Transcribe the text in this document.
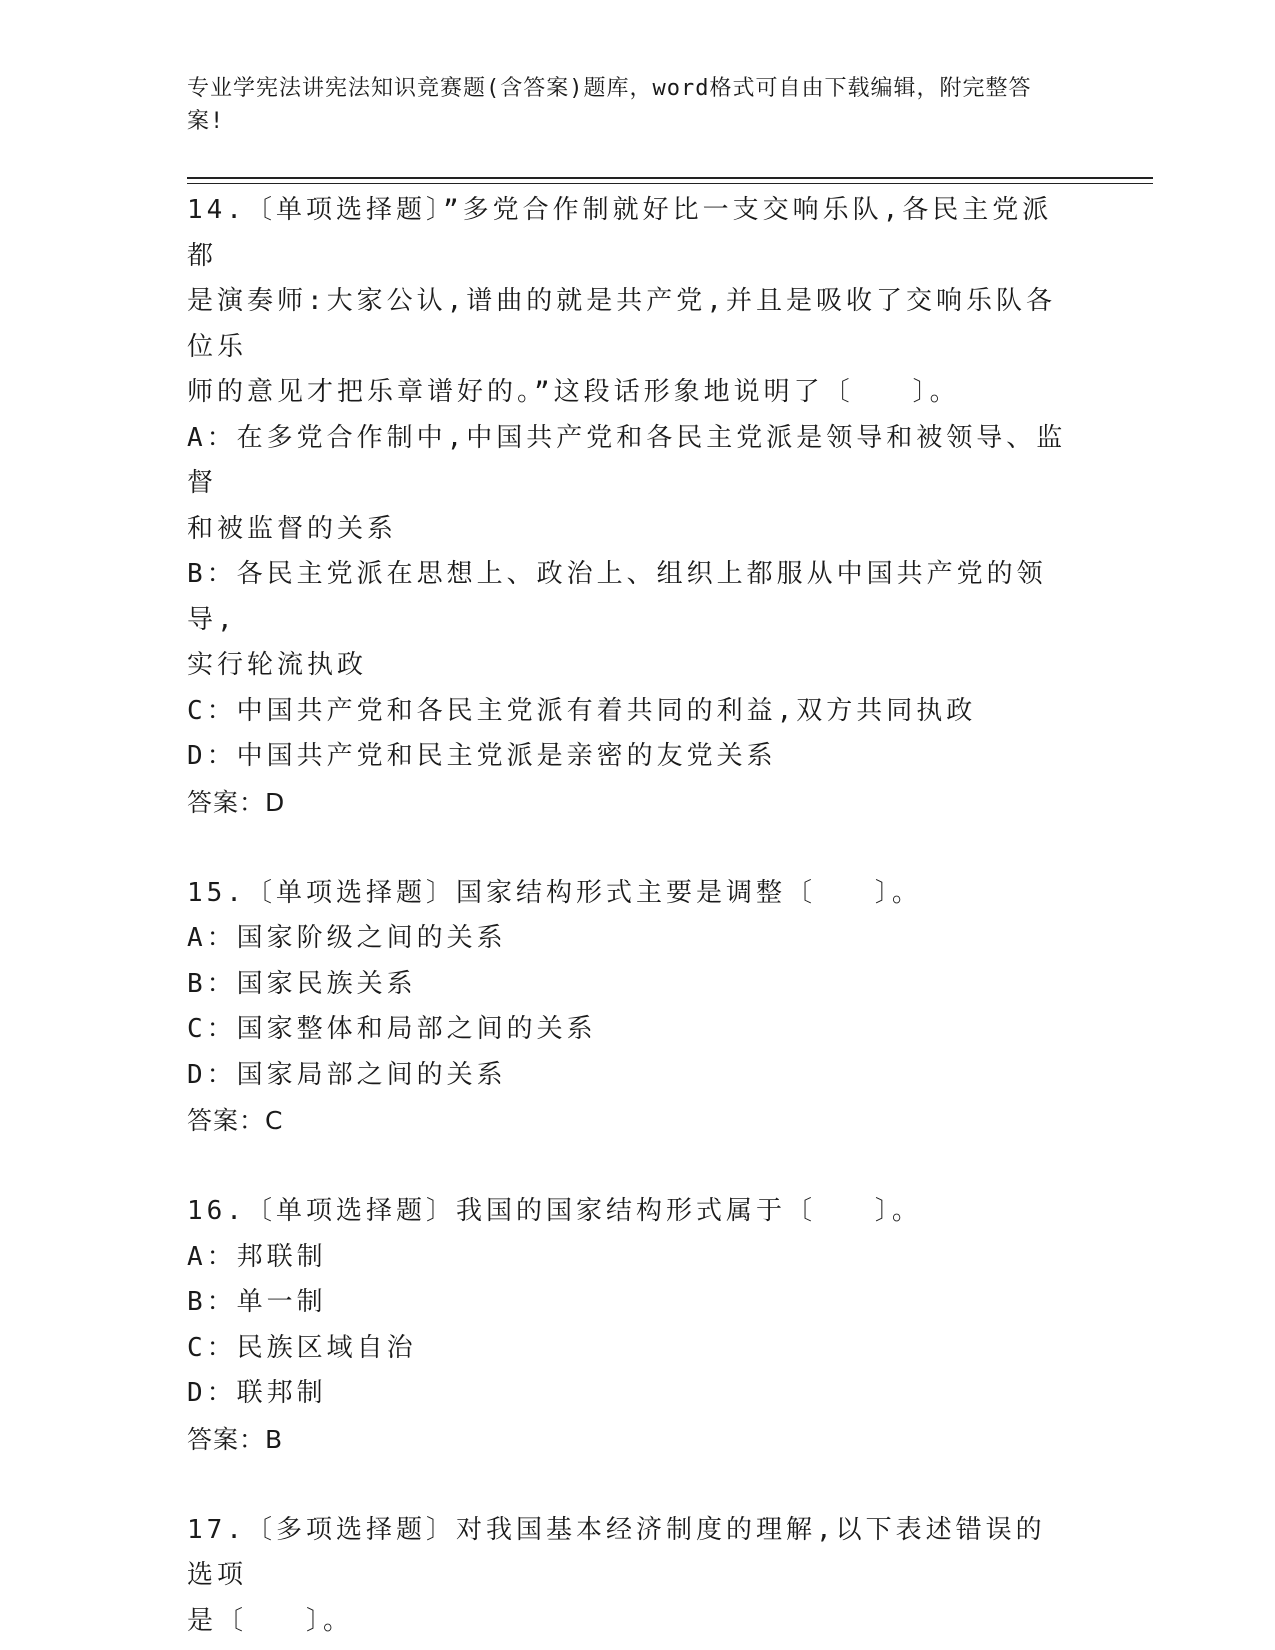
专业学宪法讲宪法知识竞赛题(含答案)题库，word格式可自由下载编辑，附完整答案!
14.〔单项选择题〕”多党合作制就好比一支交响乐队,各民主党派都
是演奏师:大家公认,谱曲的就是共产党,并且是吸收了交响乐队各位乐
师的意见才把乐章谱好的。”这段话形象地说明了〔   〕。
A：在多党合作制中,中国共产党和各民主党派是领导和被领导、监督
和被监督的关系
B：各民主党派在思想上、政治上、组织上都服从中国共产党的领导,
实行轮流执政
C：中国共产党和各民主党派有着共同的利益,双方共同执政
D：中国共产党和民主党派是亲密的友党关系
答案：D
15.〔单项选择题〕国家结构形式主要是调整〔   〕。
A：国家阶级之间的关系
B：国家民族关系
C：国家整体和局部之间的关系
D：国家局部之间的关系
答案：C
16.〔单项选择题〕我国的国家结构形式属于〔   〕。
A：邦联制
B：单一制
C：民族区域自治
D：联邦制
答案：B
17.〔多项选择题〕对我国基本经济制度的理解,以下表述错误的选项
是〔   〕。
